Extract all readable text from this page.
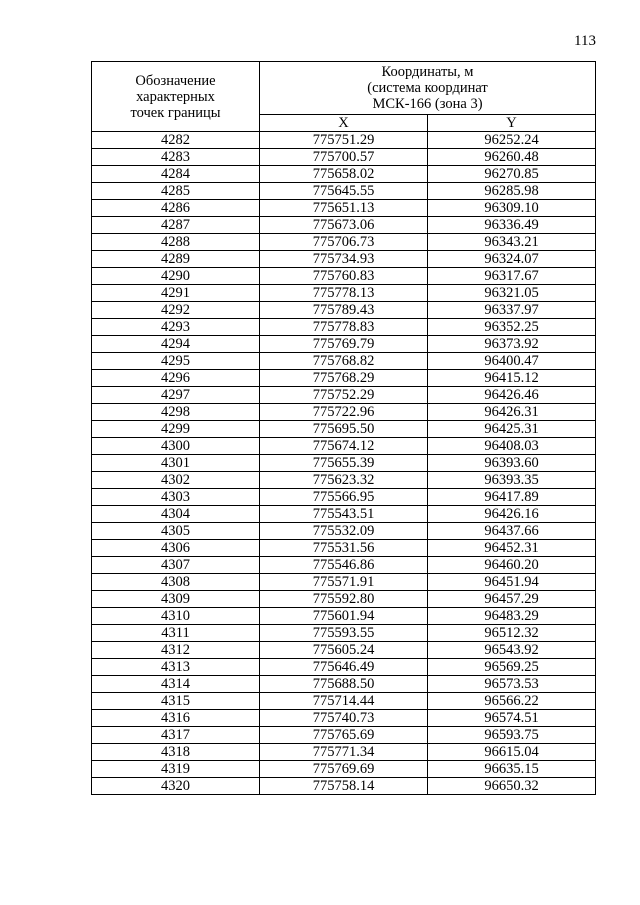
113
Обозначение
характерных
точек границы	Координаты, м
(система координат
МСК-166 (зона 3)	

	X	Y
4282	775751.29	96252.24
4283	775700.57	96260.48
4284	775658.02	96270.85
4285	775645.55	96285.98
4286	775651.13	96309.10
4287	775673.06	96336.49
4288	775706.73	96343.21
4289	775734.93	96324.07
4290	775760.83	96317.67
4291	775778.13	96321.05
4292	775789.43	96337.97
4293	775778.83	96352.25
4294	775769.79	96373.92
4295	775768.82	96400.47
4296	775768.29	96415.12
4297	775752.29	96426.46
4298	775722.96	96426.31
4299	775695.50	96425.31
4300	775674.12	96408.03
4301	775655.39	96393.60
4302	775623.32	96393.35
4303	775566.95	96417.89
4304	775543.51	96426.16
4305	775532.09	96437.66
4306	775531.56	96452.31
4307	775546.86	96460.20
4308	775571.91	96451.94
4309	775592.80	96457.29
4310	775601.94	96483.29
4311	775593.55	96512.32
4312	775605.24	96543.92
4313	775646.49	96569.25
4314	775688.50	96573.53
4315	775714.44	96566.22
4316	775740.73	96574.51
4317	775765.69	96593.75
4318	775771.34	96615.04
4319	775769.69	96635.15
4320	775758.14	96650.32
